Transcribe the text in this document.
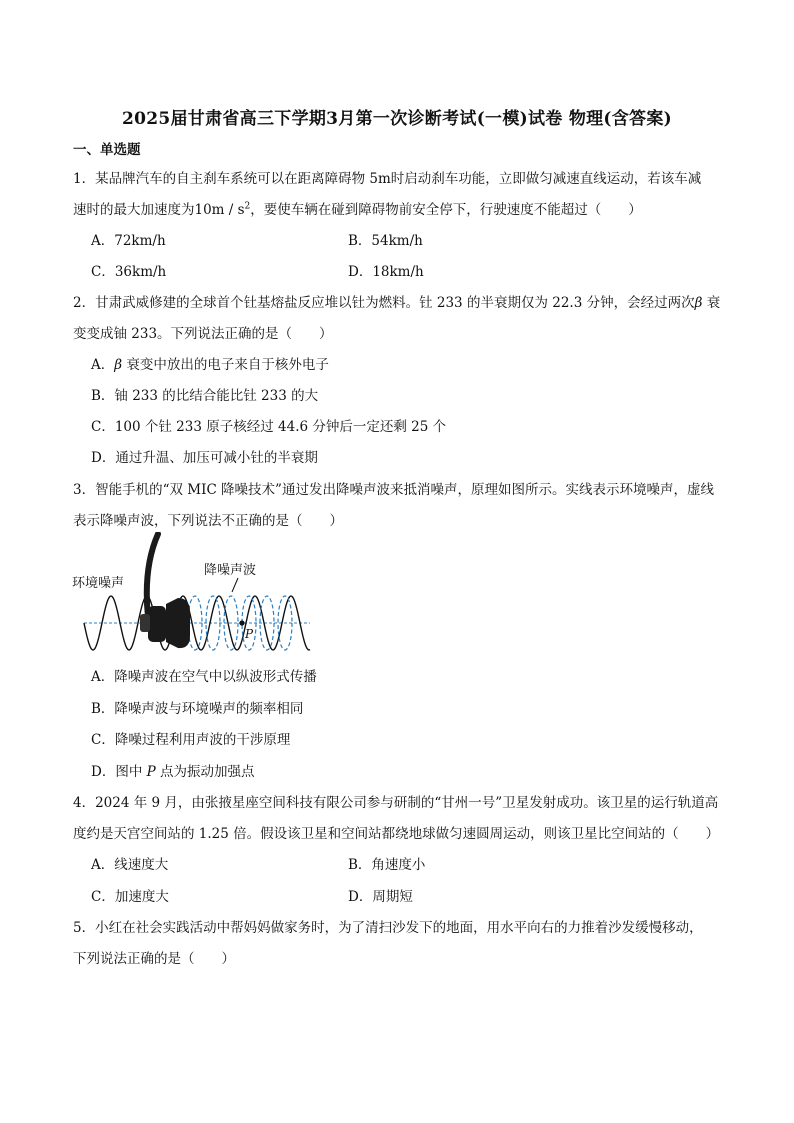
2025届甘肃省高三下学期3月第一次诊断考试(一模)试卷 物理(含答案)
一、单选题
1．某品牌汽车的自主刹车系统可以在距离障碍物 5m时启动刹车功能，立即做匀减速直线运动，若该车减
速时的最大加速度为$10m / s^2$，要使车辆在碰到障碍物前安全停下，行驶速度不能超过（　　）
A．72km/h	B．54km/h
C．36km/h	D．18km/h
2．甘肃武威修建的全球首个钍基熔盐反应堆以钍为燃料。钍 233 的半衰期仅为 22.3 分钟，会经过两次β 衰
变变成铀 233。下列说法正确的是（　　）
A．β 衰变中放出的电子来自于核外电子
B．铀 233 的比结合能比钍 233 的大
C．100 个钍 233 原子核经过 44.6 分钟后一定还剩 25 个
D．通过升温、加压可减小钍的半衰期
3．智能手机的“双 MIC 降噪技术”通过发出降噪声波来抵消噪声，原理如图所示。实线表示环境噪声，虚线
表示降噪声波，下列说法不正确的是（　　）
P
环境噪声
降噪声波
A．降噪声波在空气中以纵波形式传播
B．降噪声波与环境噪声的频率相同
C．降噪过程利用声波的干涉原理
D．图中 P 点为振动加强点
4．2024 年 9 月，由张掖星座空间科技有限公司参与研制的“甘州一号”卫星发射成功。该卫星的运行轨道高
度约是天宫空间站的 1.25 倍。假设该卫星和空间站都绕地球做匀速圆周运动，则该卫星比空间站的（　　）
A．线速度大	B．角速度小
C．加速度大	D．周期短
5．小红在社会实践活动中帮妈妈做家务时，为了清扫沙发下的地面，用水平向右的力推着沙发缓慢移动，
下列说法正确的是（　　）
